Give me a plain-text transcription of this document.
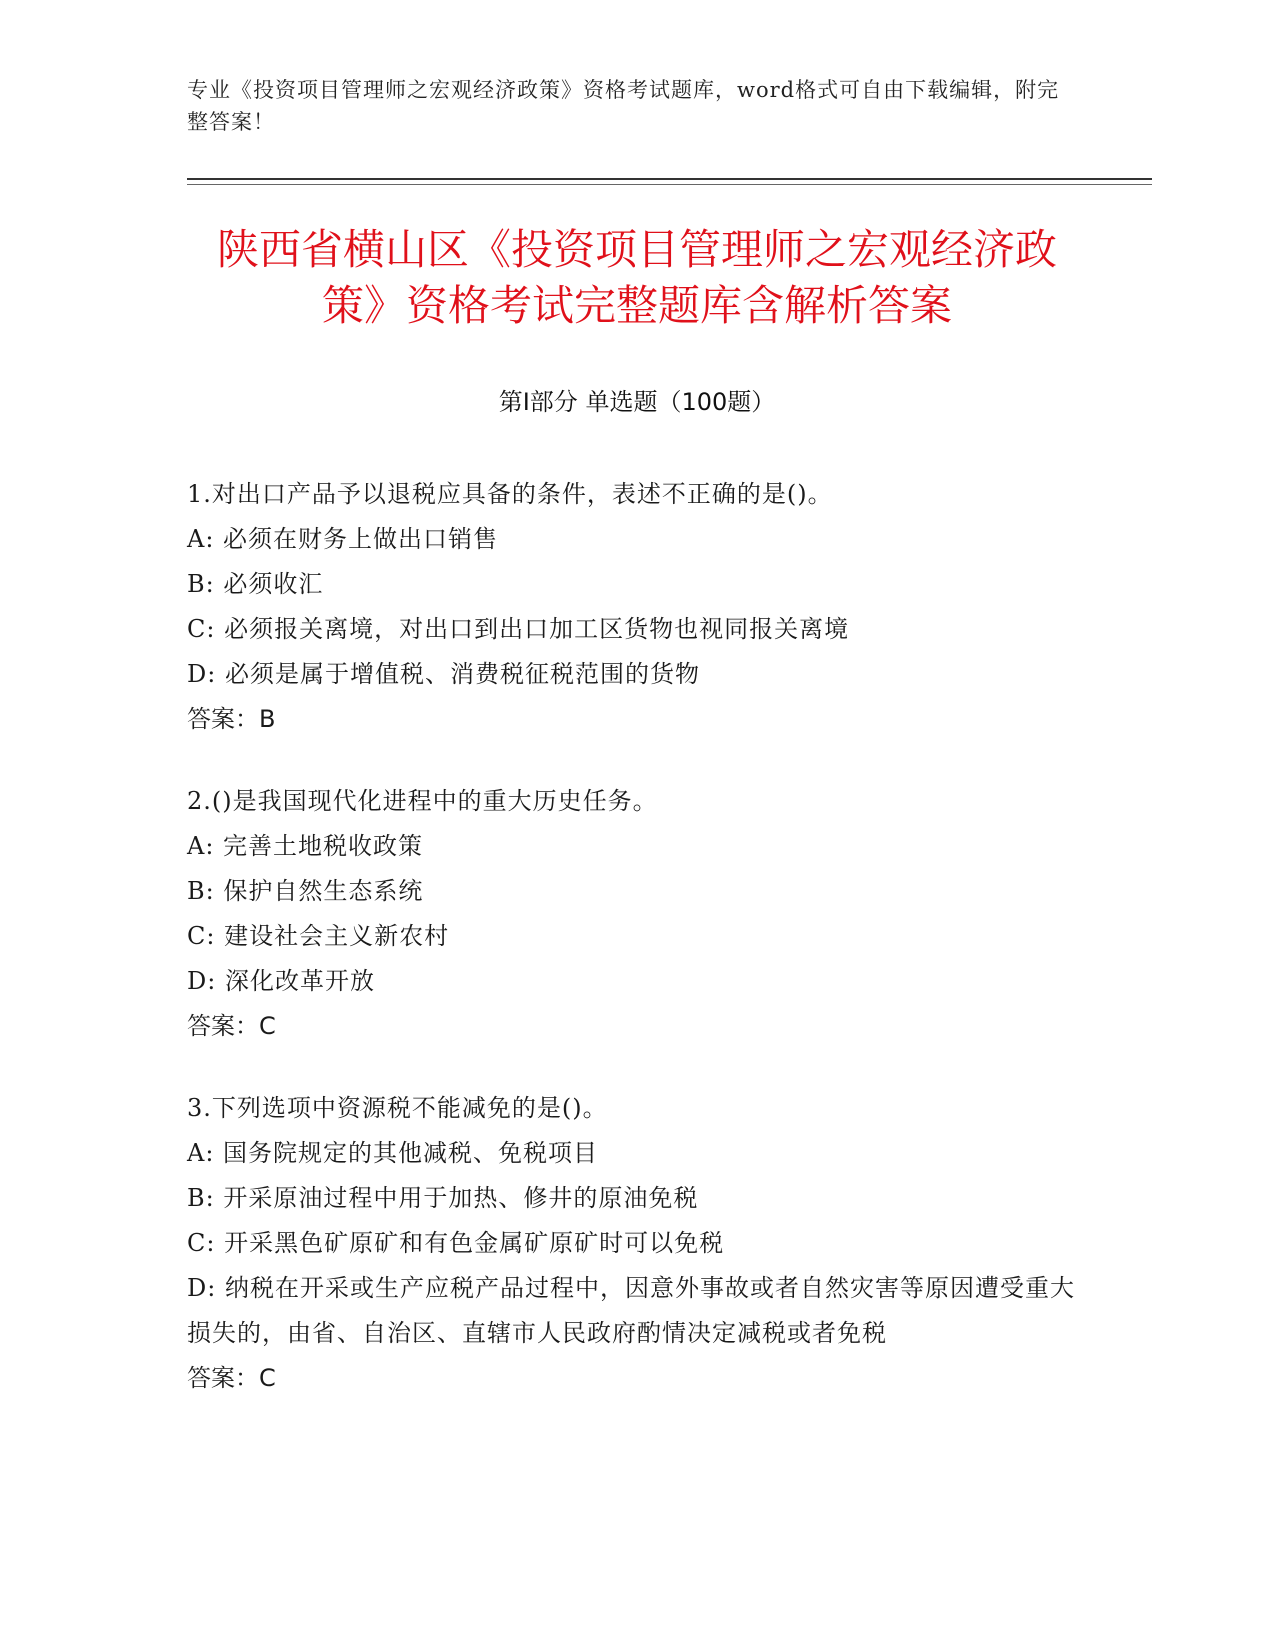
专业《投资项目管理师之宏观经济政策》资格考试题库，word格式可自由下载编辑，附完整答案！
陕西省横山区《投资项目管理师之宏观经济政策》资格考试完整题库含解析答案
第Ⅰ部分 单选题（100题）

1.对出口产品予以退税应具备的条件，表述不正确的是()。

A: 必须在财务上做出口销售

B: 必须收汇

C: 必须报关离境，对出口到出口加工区货物也视同报关离境

D: 必须是属于增值税、消费税征税范围的货物

答案：B

2.()是我国现代化进程中的重大历史任务。

A: 完善土地税收政策

B: 保护自然生态系统

C: 建设社会主义新农村

D: 深化改革开放

答案：C

3.下列选项中资源税不能减免的是()。

A: 国务院规定的其他减税、免税项目

B: 开采原油过程中用于加热、修井的原油免税

C: 开采黑色矿原矿和有色金属矿原矿时可以免税

D: 纳税在开采或生产应税产品过程中，因意外事故或者自然灾害等原因遭受重大损失的，由省、自治区、直辖市人民政府酌情决定减税或者免税

答案：C
